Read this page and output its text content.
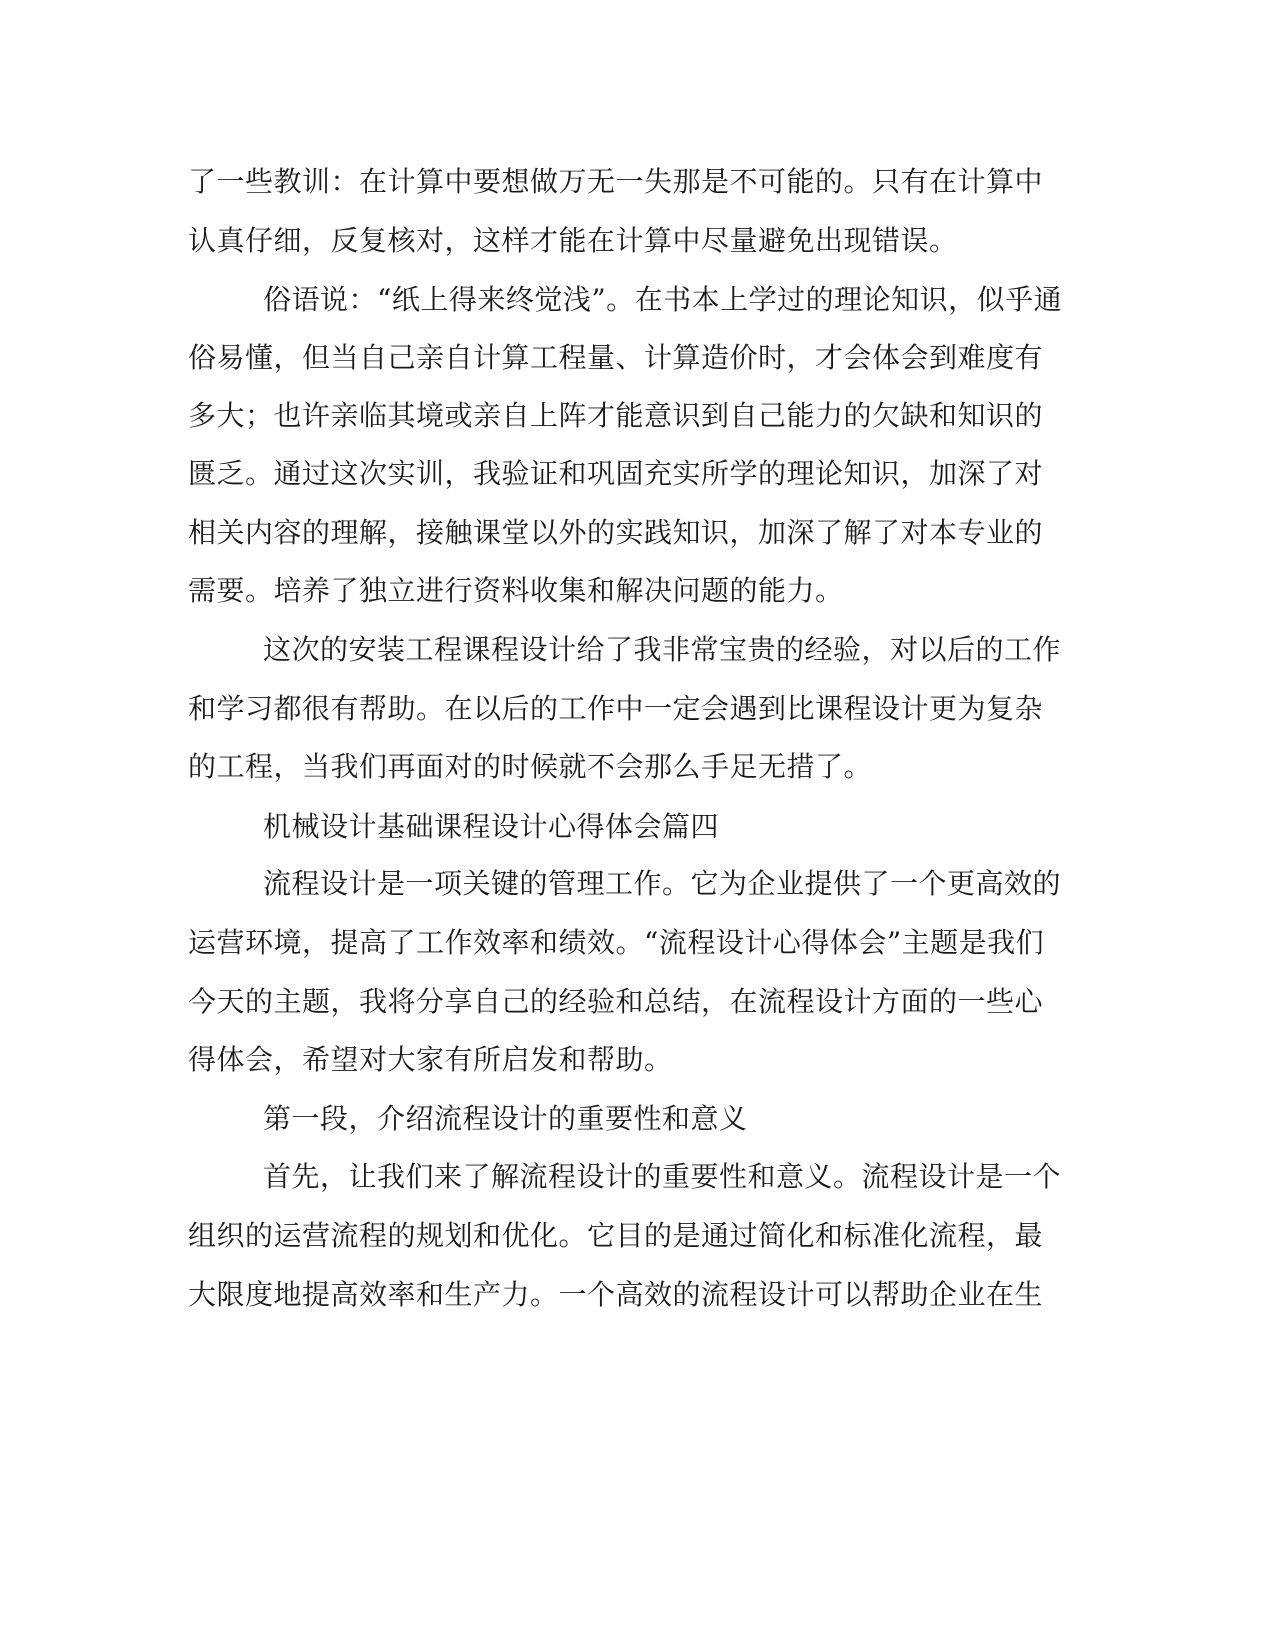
了一些教训：在计算中要想做万无一失那是不可能的。只有在计算中

认真仔细，反复核对，这样才能在计算中尽量避免出现错误。

俗语说：“纸上得来终觉浅”。在书本上学过的理论知识，似乎通

俗易懂，但当自己亲自计算工程量、计算造价时，才会体会到难度有

多大；也许亲临其境或亲自上阵才能意识到自己能力的欠缺和知识的

匮乏。通过这次实训，我验证和巩固充实所学的理论知识，加深了对

相关内容的理解，接触课堂以外的实践知识，加深了解了对本专业的

需要。培养了独立进行资料收集和解决问题的能力。

这次的安装工程课程设计给了我非常宝贵的经验，对以后的工作

和学习都很有帮助。在以后的工作中一定会遇到比课程设计更为复杂

的工程，当我们再面对的时候就不会那么手足无措了。

机械设计基础课程设计心得体会篇四

流程设计是一项关键的管理工作。它为企业提供了一个更高效的

运营环境，提高了工作效率和绩效。“流程设计心得体会”主题是我们

今天的主题，我将分享自己的经验和总结，在流程设计方面的一些心

得体会，希望对大家有所启发和帮助。

第一段，介绍流程设计的重要性和意义

首先，让我们来了解流程设计的重要性和意义。流程设计是一个

组织的运营流程的规划和优化。它目的是通过简化和标准化流程，最

大限度地提高效率和生产力。一个高效的流程设计可以帮助企业在生
